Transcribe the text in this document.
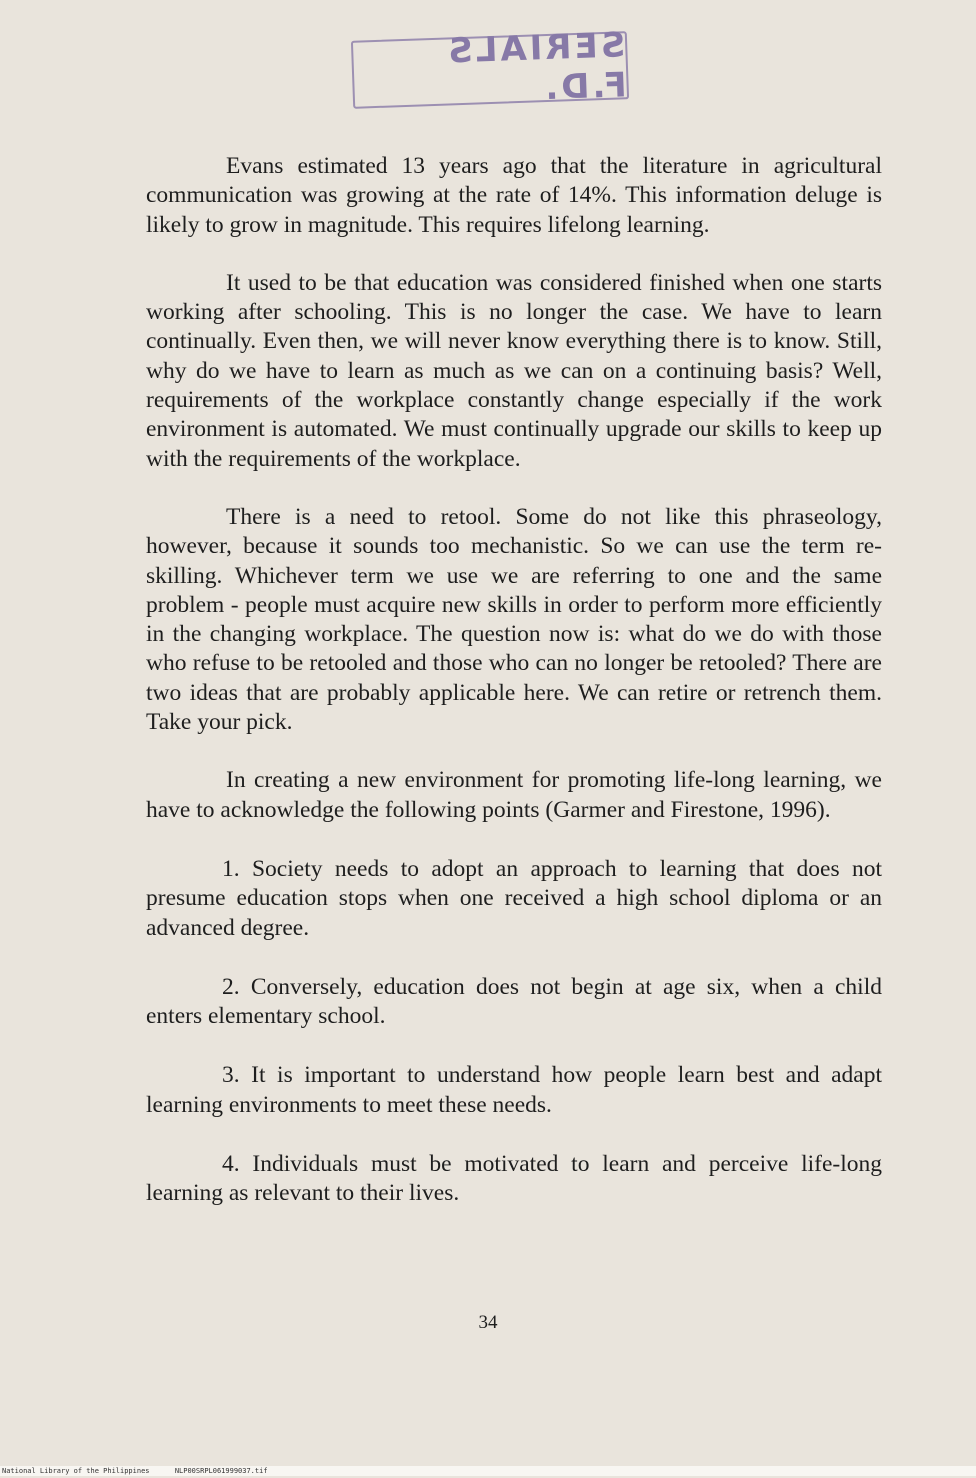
SERIALS F.D.

Evans estimated 13 years ago that the literature in agricultural communication was growing at the rate of 14%. This information deluge is likely to grow in magnitude. This requires lifelong learning.

It used to be that education was considered finished when one starts working after schooling. This is no longer the case. We have to learn continually. Even then, we will never know everything there is to know. Still, why do we have to learn as much as we can on a continuing basis? Well, requirements of the workplace constantly change especially if the work environment is automated. We must continually upgrade our skills to keep up with the requirements of the workplace.

There is a need to retool. Some do not like this phraseology, however, because it sounds too mechanistic. So we can use the term re-skilling. Whichever term we use we are referring to one and the same problem - people must acquire new skills in order to perform more efficiently in the changing workplace. The question now is: what do we do with those who refuse to be retooled and those who can no longer be retooled? There are two ideas that are probably applicable here. We can retire or retrench them. Take your pick.

In creating a new environment for promoting life-long learning, we have to acknowledge the following points (Garmer and Firestone, 1996).

1. Society needs to adopt an approach to learning that does not presume education stops when one received a high school diploma or an advanced degree.

2. Conversely, education does not begin at age six, when a child enters elementary school.

3. It is important to understand how people learn best and adapt learning environments to meet these needs.

4. Individuals must be motivated to learn and perceive life-long learning as relevant to their lives.

34
National Library of the Philippines	NLP00SRPL061999037.tif
